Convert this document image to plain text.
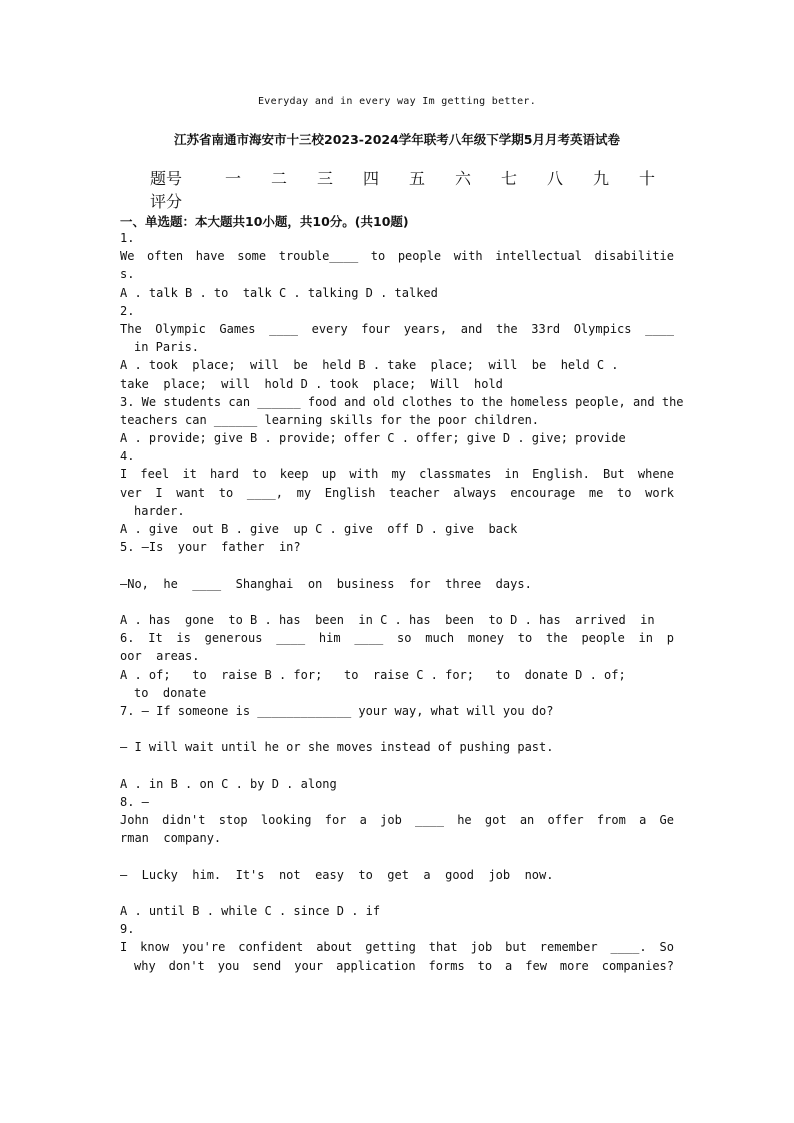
Everyday and in every way Im getting better.
江苏省南通市海安市十三校2023-2024学年联考八年级下学期5月月考英语试卷
题号	一	二	三	四	五	六	七	八	九	十
评分										
一、单选题：本大题共10小题，共10分。(共10题)
1.
We often have some trouble____ to people with intellectual disabilitie
s.
A . talk B . to  talk C . talking D . talked
2.
The Olympic Games ____ every four years, and the 33rd Olympics ____
in Paris.
A . took  place;  will  be  held B . take  place;  will  be  held C .
take  place;  will  hold D . took  place;  Will  hold
3. We students can ______ food and old clothes to the homeless people, and the
teachers can ______ learning skills for the poor children.
A . provide; give B . provide; offer C . offer; give D . give; provide
4.
I feel it hard to keep up with my classmates in English. But whene
ver I want to ____, my English teacher always encourage me to work
harder.
A . give  out B . give  up C . give  off D . give  back
5. —Is  your  father  in?
—No,  he  ____  Shanghai  on  business  for  three  days.
A . has  gone  to B . has  been  in C . has  been  to D . has  arrived  in
6. It is generous ____ him ____ so much money to the people in p
oor  areas.
A . of;   to  raise B . for;   to  raise C . for;   to  donate D . of;
to  donate
7. — If someone is _____________ your way, what will you do?
— I will wait until he or she moves instead of pushing past.
A . in B . on C . by D . along
8. —
John didn't stop looking for a job ____ he got an offer from a Ge
rman  company.
—  Lucky  him.  It's  not  easy  to  get  a  good  job  now.
A . until B . while C . since D . if
9.
I know you're confident about getting that job but remember ____. So
why don't you send your application forms to a few more companies?
